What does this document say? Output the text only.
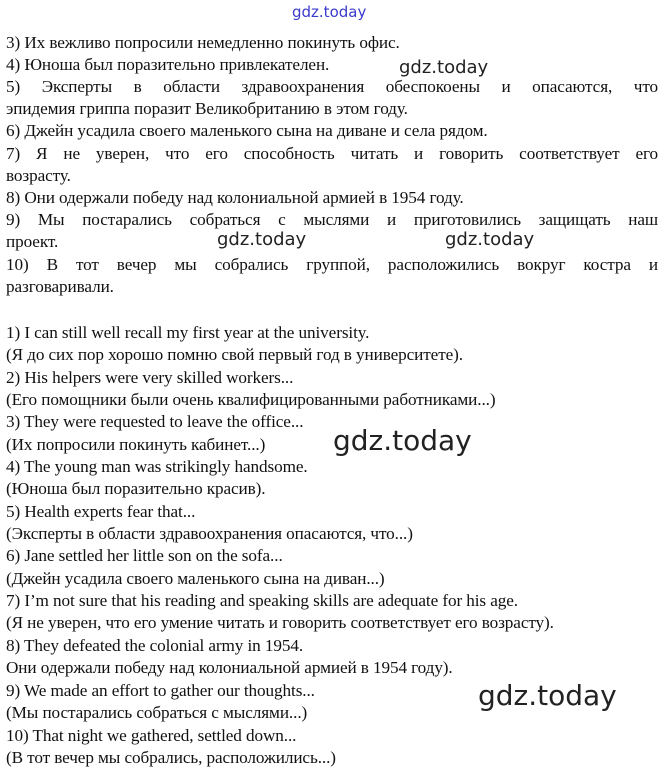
3) Их вежливо попросили немедленно покинуть офис.
4) Юноша был поразительно привлекателен.
5) Эксперты в области здравоохранения обеспокоены и опасаются, что
эпидемия гриппа поразит Великобританию в этом году.
6) Джейн усадила своего маленького сына на диване и села рядом.
7) Я не уверен, что его способность читать и говорить соответствует его
возрасту.
8) Они одержали победу над колониальной армией в 1954 году.
9) Мы постарались собраться с мыслями и приготовились защищать наш
проект.
10) В тот вечер мы собрались группой, расположились вокруг костра и
разговаривали.
1) I can still well recall my first year at the university.
(Я до сих пор хорошо помню свой первый год в университете).
2) His helpers were very skilled workers...
(Его помощники были очень квалифицированными работниками...)
3) They were requested to leave the office...
(Их попросили покинуть кабинет...)
4) The young man was strikingly handsome.
(Юноша был поразительно красив).
5) Health experts fear that...
(Эксперты в области здравоохранения опасаются, что...)
6) Jane settled her little son on the sofa...
(Джейн усадила своего маленького сына на диван...)
7) I’m not sure that his reading and speaking skills are adequate for his age.
(Я не уверен, что его умение читать и говорить соответствует его возрасту).
8) They defeated the colonial army in 1954.
Они одержали победу над колониальной армией в 1954 году).
9) We made an effort to gather our thoughts...
(Мы постарались собраться с мыслями...)
10) That night we gathered, settled down...
(В тот вечер мы собрались, расположились...)
gdz.today
gdz.today
gdz.today	gdz.today
gdz.today
gdz.today
